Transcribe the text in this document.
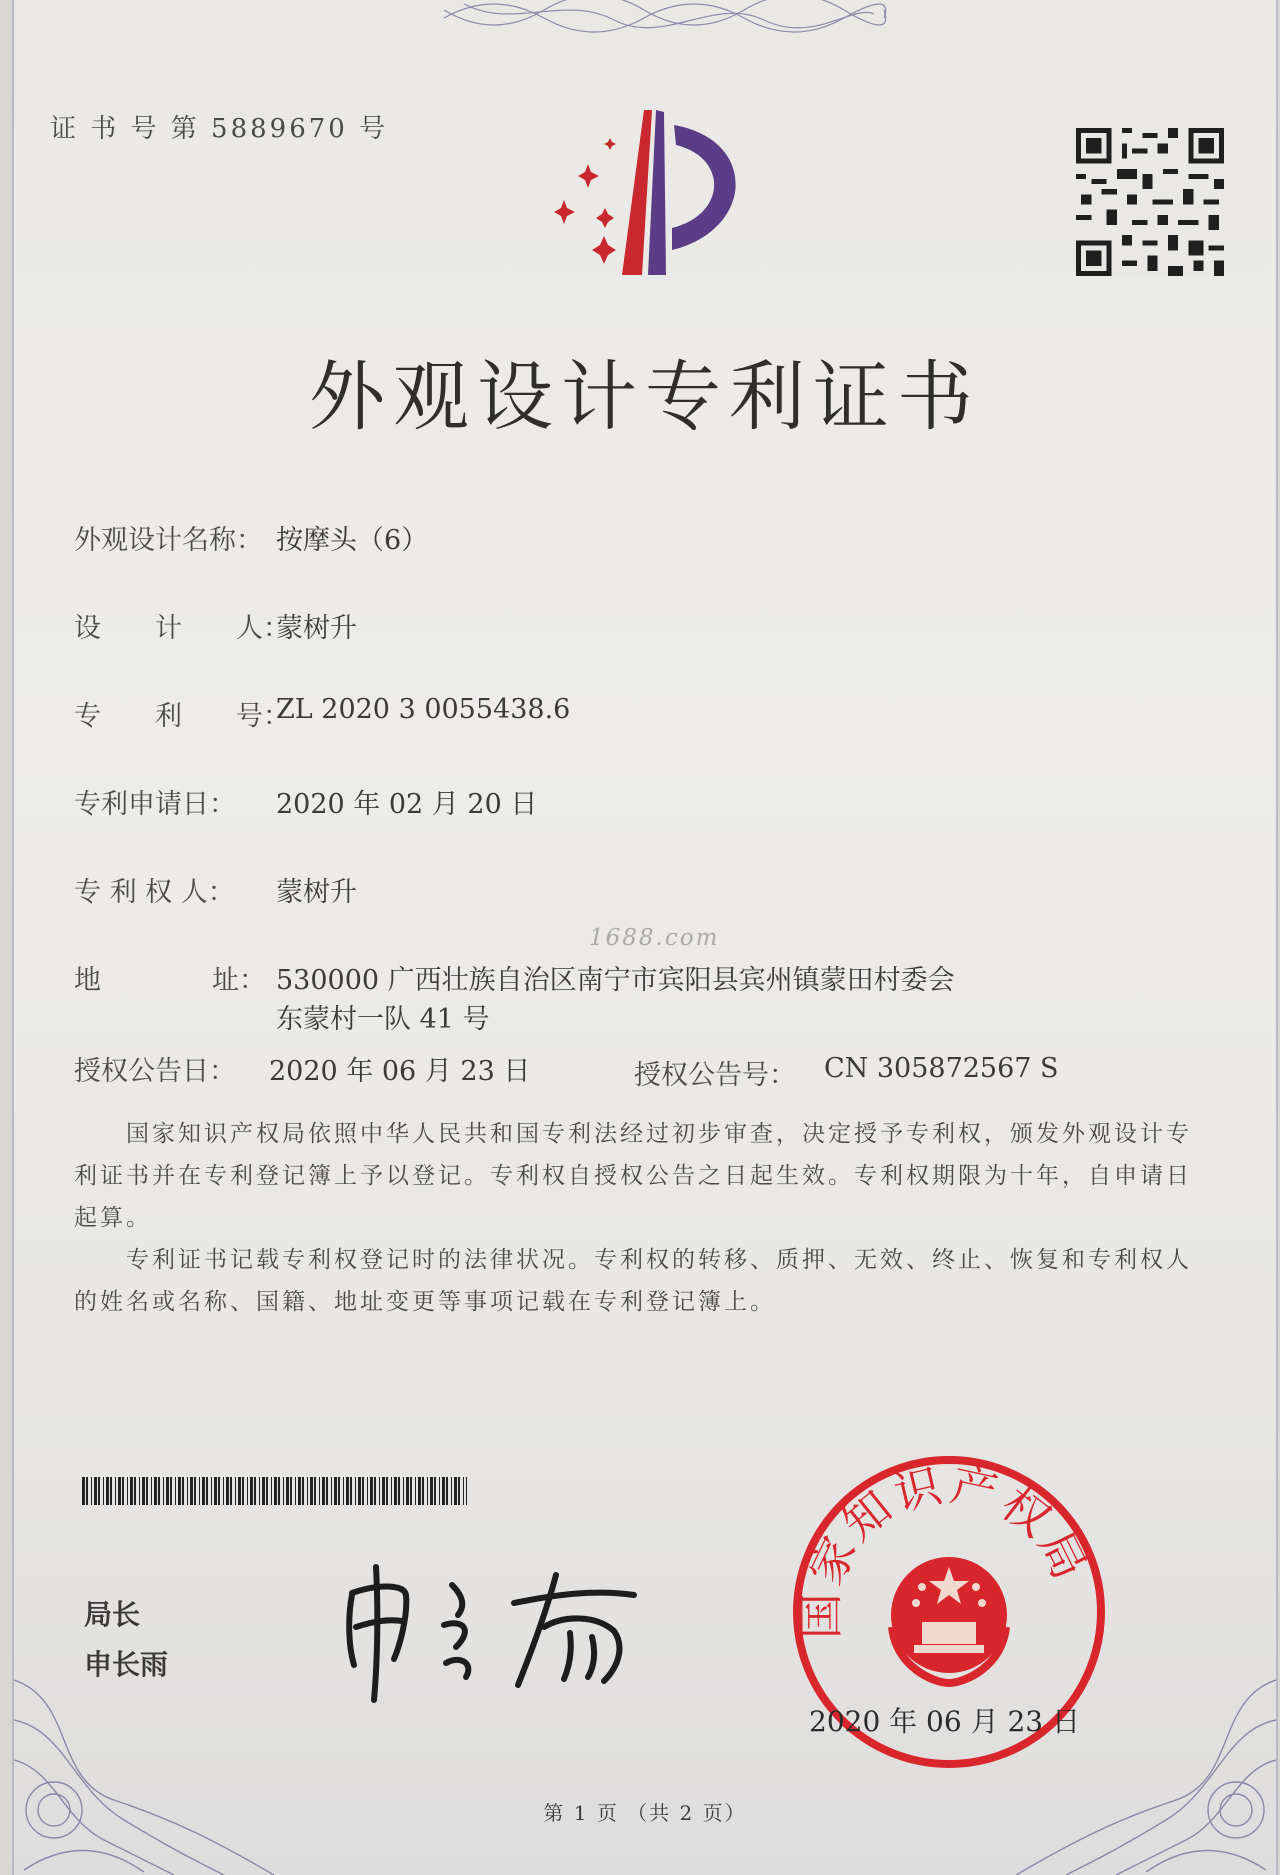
证 书 号 第 5889670 号
外观设计专利证书
外观设计名称： 按摩头（6）
设　　计　　人：
蒙树升
专　　利　　号：
ZL 2020 3 0055438.6
专利申请日： 2020 年 02 月 20 日
专 利 权 人： 蒙树升
1688.com
地	址： 530000 广西壮族自治区南宁市宾阳县宾州镇蒙田村委会
东蒙村一队 41 号
授权公告日： 2020 年 06 月 23 日	授权公告号： CN 305872567 S
　　国家知识产权局依照中华人民共和国专利法经过初步审查，决定授予专利权，颁发外观设计专利证书并在专利登记簿上予以登记。专利权自授权公告之日起生效。专利权期限为十年，自申请日起算。
　　专利证书记载专利权登记时的法律状况。专利权的转移、质押、无效、终止、恢复和专利权人的姓名或名称、国籍、地址变更等事项记载在专利登记簿上。
局长
申长雨
国家知识产权局
2020 年 06 月 23 日
第 1 页 （共 2 页）
